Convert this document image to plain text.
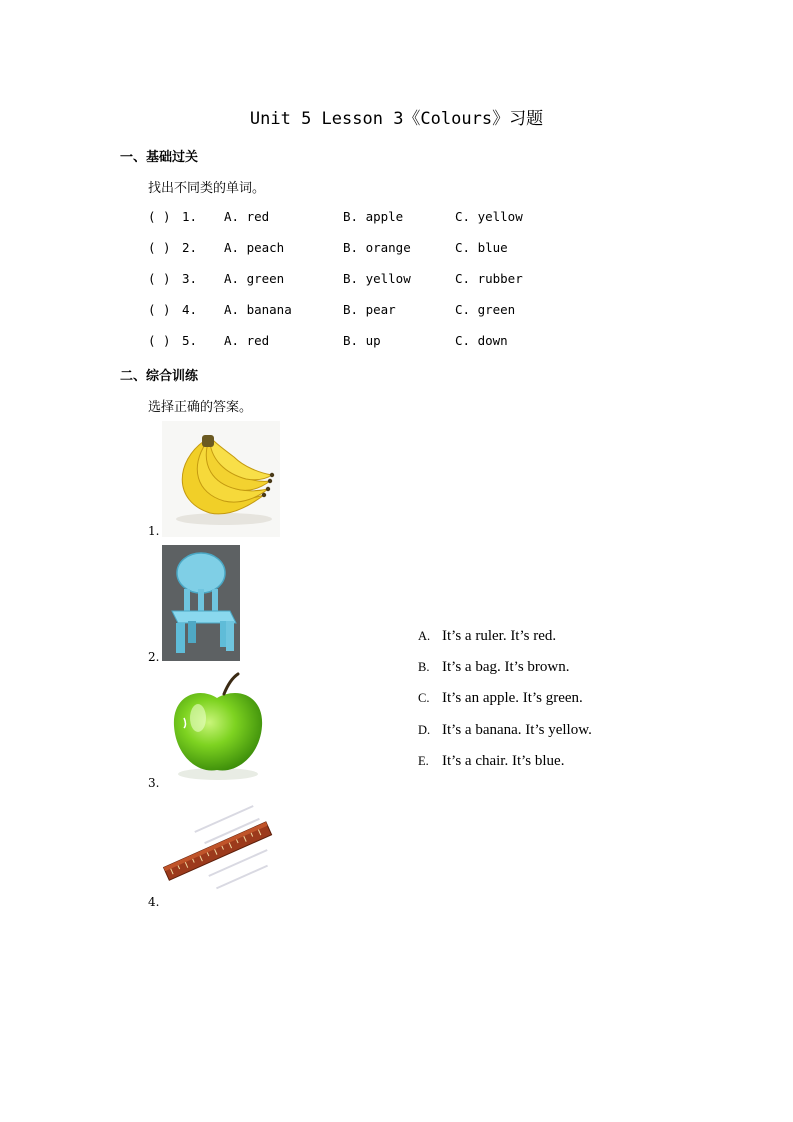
Unit 5 Lesson 3《Colours》习题
一、基础过关
找出不同类的单词。
( ) 1. A. red	B. apple	C. yellow
( ) 2. A. peach	B. orange	C. blue
( ) 3. A. green	B. yellow	C. rubber
( ) 4. A. banana	B. pear	C. green
( ) 5. A. red	B. up	C. down
二、综合训练
选择正确的答案。
1.
2.
3.
4.
A. It’s a ruler. It’s red.
B. It’s a bag. It’s brown.
C. It’s an apple. It’s green.
D. It’s a banana. It’s yellow.
E. It’s a chair. It’s blue.
